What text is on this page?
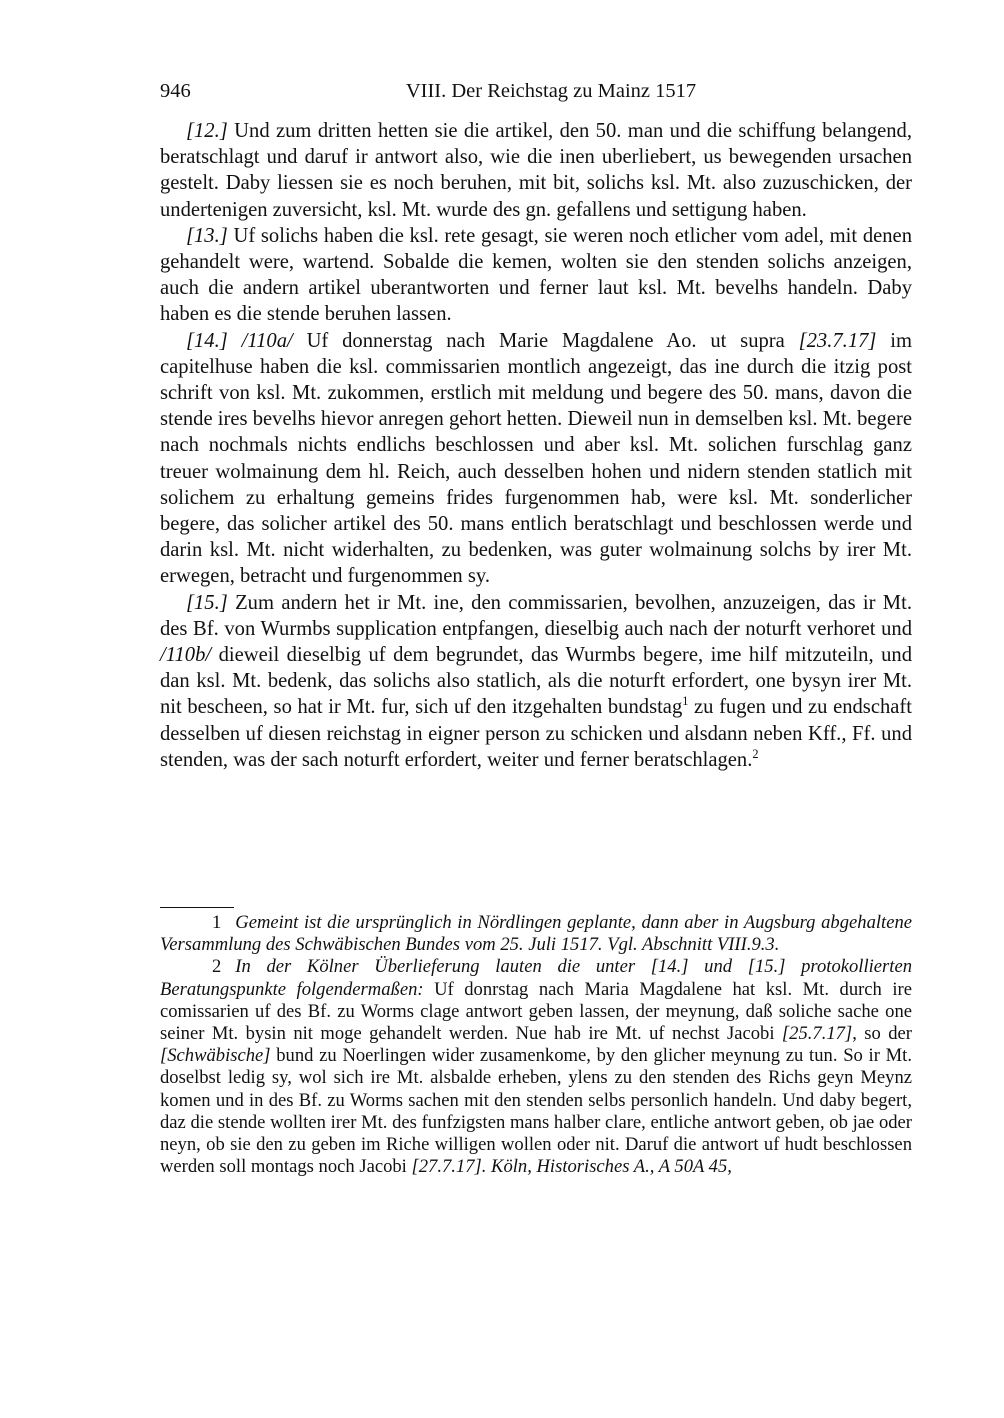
946	VIII. Der Reichstag zu Mainz 1517

[12.] Und zum dritten hetten sie die artikel, den 50. man und die schiffung belangend, beratschlagt und daruf ir antwort also, wie die inen uberliebert, us bewegenden ursachen gestelt. Daby liessen sie es noch beruhen, mit bit, solichs ksl. Mt. also zuzuschicken, der undertenigen zuversicht, ksl. Mt. wurde des gn. gefallens und settigung haben.

[13.] Uf solichs haben die ksl. rete gesagt, sie weren noch etlicher vom adel, mit denen gehandelt were, wartend. Sobalde die kemen, wolten sie den stenden solichs anzeigen, auch die andern artikel uberantworten und ferner laut ksl. Mt. bevelhs handeln. Daby haben es die stende beruhen lassen.

[14.] /110a/ Uf donnerstag nach Marie Magdalene Ao. ut supra [23.7.17] im capitelhuse haben die ksl. commissarien montlich angezeigt, das ine durch die itzig post schrift von ksl. Mt. zukommen, erstlich mit meldung und begere des 50. mans, davon die stende ires bevelhs hievor anregen gehort hetten. Dieweil nun in demselben ksl. Mt. begere nach nochmals nichts endlichs beschlossen und aber ksl. Mt. solichen furschlag ganz treuer wolmainung dem hl. Reich, auch desselben hohen und nidern stenden statlich mit solichem zu erhaltung gemeins frides furgenommen hab, were ksl. Mt. sonderlicher begere, das solicher artikel des 50. mans entlich beratschlagt und beschlossen werde und darin ksl. Mt. nicht widerhalten, zu bedenken, was guter wolmainung solchs by irer Mt. erwegen, betracht und furgenommen sy.

[15.] Zum andern het ir Mt. ine, den commissarien, bevolhen, anzuzeigen, das ir Mt. des Bf. von Wurmbs supplication entpfangen, dieselbig auch nach der noturft verhoret und /110b/ dieweil dieselbig uf dem begrundet, das Wurmbs begere, ime hilf mitzuteiln, und dan ksl. Mt. bedenk, das solichs also statlich, als die noturft erfordert, one bysyn irer Mt. nit bescheen, so hat ir Mt. fur, sich uf den itzgehalten bundstag$^1$ zu fugen und zu endschaft desselben uf diesen reichstag in eigner person zu schicken und alsdann neben Kff., Ff. und stenden, was der sach noturft erfordert, weiter und ferner beratschlagen.$^2$

1 Gemeint ist die ursprünglich in Nördlingen geplante, dann aber in Augsburg abgehaltene Versammlung des Schwäbischen Bundes vom 25. Juli 1517. Vgl. Abschnitt VIII.9.3.

2 In der Kölner Überlieferung lauten die unter [14.] und [15.] protokollierten Beratungspunkte folgendermaßen: Uf donrstag nach Maria Magdalene hat ksl. Mt. durch ire comissarien uf des Bf. zu Worms clage antwort geben lassen, der meynung, daß soliche sache one seiner Mt. bysin nit moge gehandelt werden. Nue hab ire Mt. uf nechst Jacobi [25.7.17], so der [Schwäbische] bund zu Noerlingen wider zusamenkome, by den glicher meynung zu tun. So ir Mt. doselbst ledig sy, wol sich ire Mt. alsbalde erheben, ylens zu den stenden des Richs geyn Meynz komen und in des Bf. zu Worms sachen mit den stenden selbs personlich handeln. Und daby begert, daz die stende wollten irer Mt. des funfzigsten mans halber clare, entliche antwort geben, ob jae oder neyn, ob sie den zu geben im Riche willigen wollen oder nit. Daruf die antwort uf hudt beschlossen werden soll montags noch Jacobi [27.7.17]. Köln, Historisches A., A 50A 45,
